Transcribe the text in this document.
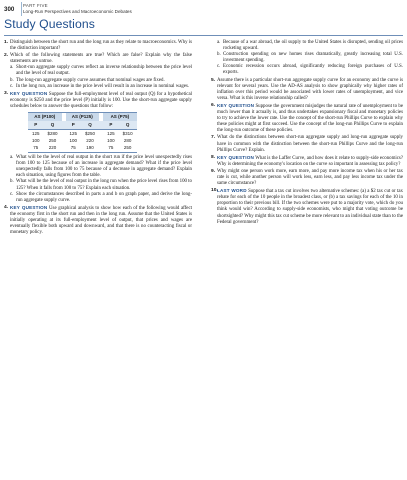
300
PART FIVE
Long-Run Perspectives and Macroeconomic Debates
Study Questions
1. Distinguish between the short run and the long run as they relate to macroeconomics. Why is the distinction important?
2. Which of the following statements are true? Which are false? Explain why the false statements are untrue.
a. Short-run aggregate supply curves reflect an inverse relationship between the price level and the level of real output.
b. The long-run aggregate supply curve assumes that nominal wages are fixed.
c. In the long run, an increase in the price level will result in an increase in nominal wages.
3. KEY QUESTION Suppose the full-employment level of real output (Q) for a hypothetical economy is $250 and the price level (P) initially is 100. Use the short-run aggregate supply schedules below to answer the questions that follow:
AS (P100)			AS (P125)			AS (P75)	
P	Q		P	Q		P	Q
125	$280		125	$250		125	$310
100	250		100	220		100	280
75	220		75	190		75	250
a. What will be the level of real output in the short run if the price level unexpectedly rises from 100 to 125 because of an increase in aggregate demand? What if the price level unexpectedly falls from 100 to 75 because of a decrease in aggregate demand? Explain each situation, using figures from the table.
b. What will be the level of real output in the long run when the price level rises from 100 to 125? When it falls from 100 to 75? Explain each situation.
c. Show the circumstances described in parts a and b on graph paper, and derive the long-run aggregate supply curve.
4. KEY QUESTION Use graphical analysis to show how each of the following would affect the economy first in the short run and then in the long run. Assume that the United States is initially operating at its full-employment level of output, that prices and wages are eventually flexible both upward and downward, and that there is no counteracting fiscal or monetary policy.
a. Because of a war abroad, the oil supply to the United States is disrupted, sending oil prices rocketing upward.
b. Construction spending on new homes rises dramatically, greatly increasing total U.S. investment spending.
c. Economic recession occurs abroad, significantly reducing foreign purchases of U.S. exports.
5. Assume there is a particular short-run aggregate supply curve for an economy and the curve is relevant for several years. Use the AD-AS analysis to show graphically why higher rates of inflation over this period would be associated with lower rates of unemployment, and vice versa. What is this inverse relationship called?
6. KEY QUESTION Suppose the government misjudges the natural rate of unemployment to be much lower than it actually is, and thus undertakes expansionary fiscal and monetary policies to try to achieve the lower rate. Use the concept of the short-run Phillips Curve to explain why these policies might at first succeed. Use the concept of the long-run Phillips Curve to explain the long-run outcome of these policies.
7. What do the distinctions between short-run aggregate supply and long-run aggregate supply have in common with the distinction between the short-run Phillips Curve and the long-run Phillips Curve? Explain.
8. KEY QUESTION What is the Laffer Curve, and how does it relate to supply-side economics? Why is determining the economy's location on the curve so important in assessing tax policy?
9. Why might one person work more, earn more, and pay more income tax when his or her tax rate is cut, while another person will work less, earn less, and pay less income tax under the same circumstance?
10. LAST WORD Suppose that a tax cut involves two alternative schemes: (a) a $2 tax cut or tax rebate for each of the 10 people in the broadest class, or (b) a tax savings for each of the 10 in proportion to their previous bill. If the two schemes were put to a majority vote, which do you think would win? According to supply-side economists, who might that voting outcome be shortsighted? Why might this tax cut scheme be more relevant to an individual state than to the Federal government?
